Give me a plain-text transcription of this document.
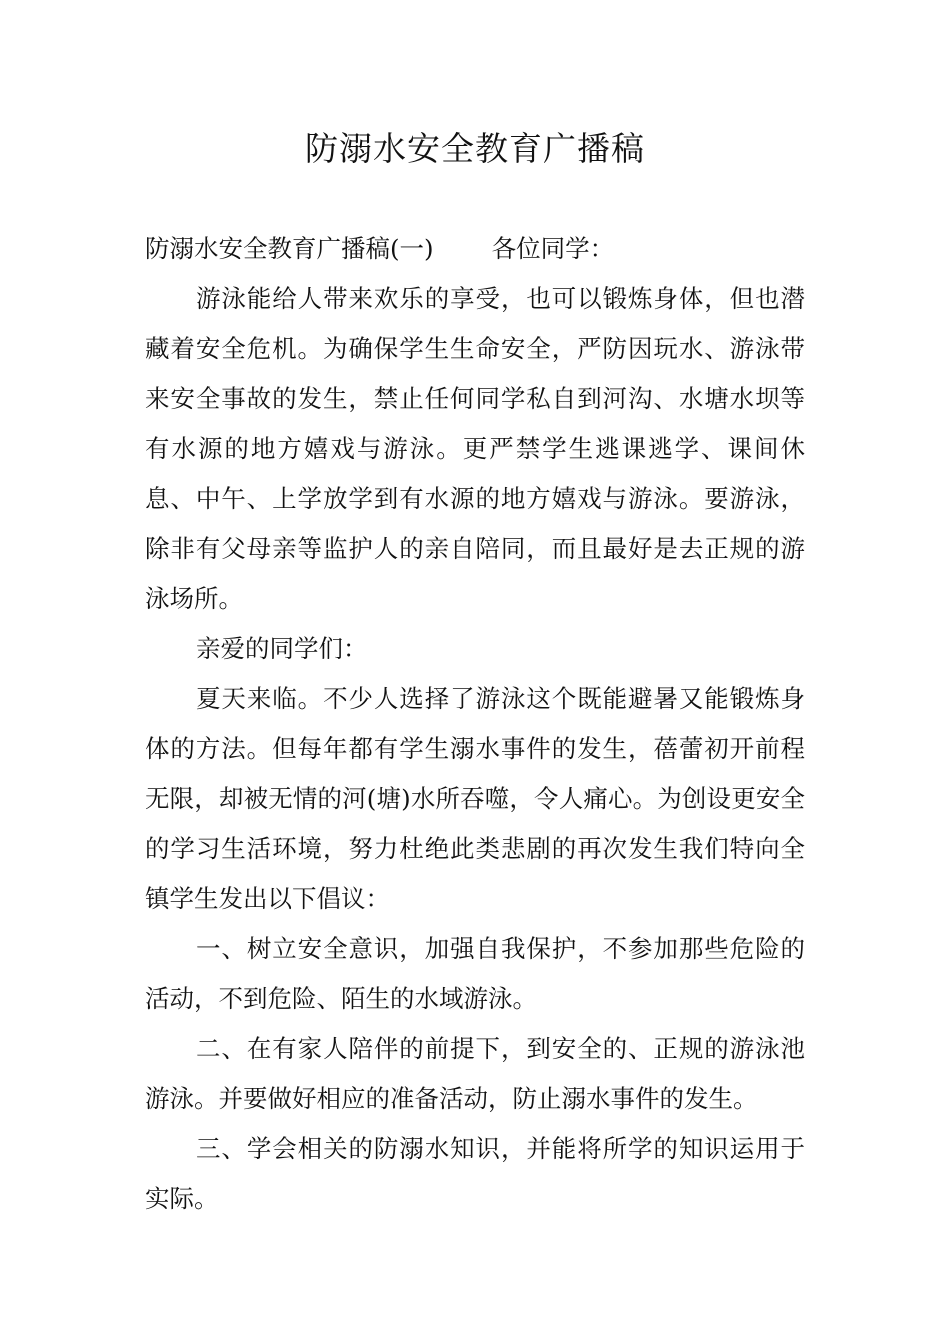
防溺水安全教育广播稿

防溺水安全教育广播稿(一) 各位同学：

游泳能给人带来欢乐的享受，也可以锻炼身体，但也潜藏着安全危机。为确保学生生命安全，严防因玩水、游泳带来安全事故的发生，禁止任何同学私自到河沟、水塘水坝等有水源的地方嬉戏与游泳。更严禁学生逃课逃学、课间休息、中午、上学放学到有水源的地方嬉戏与游泳。要游泳，除非有父母亲等监护人的亲自陪同，而且最好是去正规的游泳场所。

亲爱的同学们：

夏天来临。不少人选择了游泳这个既能避暑又能锻炼身体的方法。但每年都有学生溺水事件的发生，蓓蕾初开前程无限，却被无情的河(塘)水所吞噬，令人痛心。为创设更安全的学习生活环境，努力杜绝此类悲剧的再次发生我们特向全镇学生发出以下倡议：

一、树立安全意识，加强自我保护，不参加那些危险的活动，不到危险、陌生的水域游泳。

二、在有家人陪伴的前提下，到安全的、正规的游泳池游泳。并要做好相应的准备活动，防止溺水事件的发生。

三、学会相关的防溺水知识，并能将所学的知识运用于实际。
